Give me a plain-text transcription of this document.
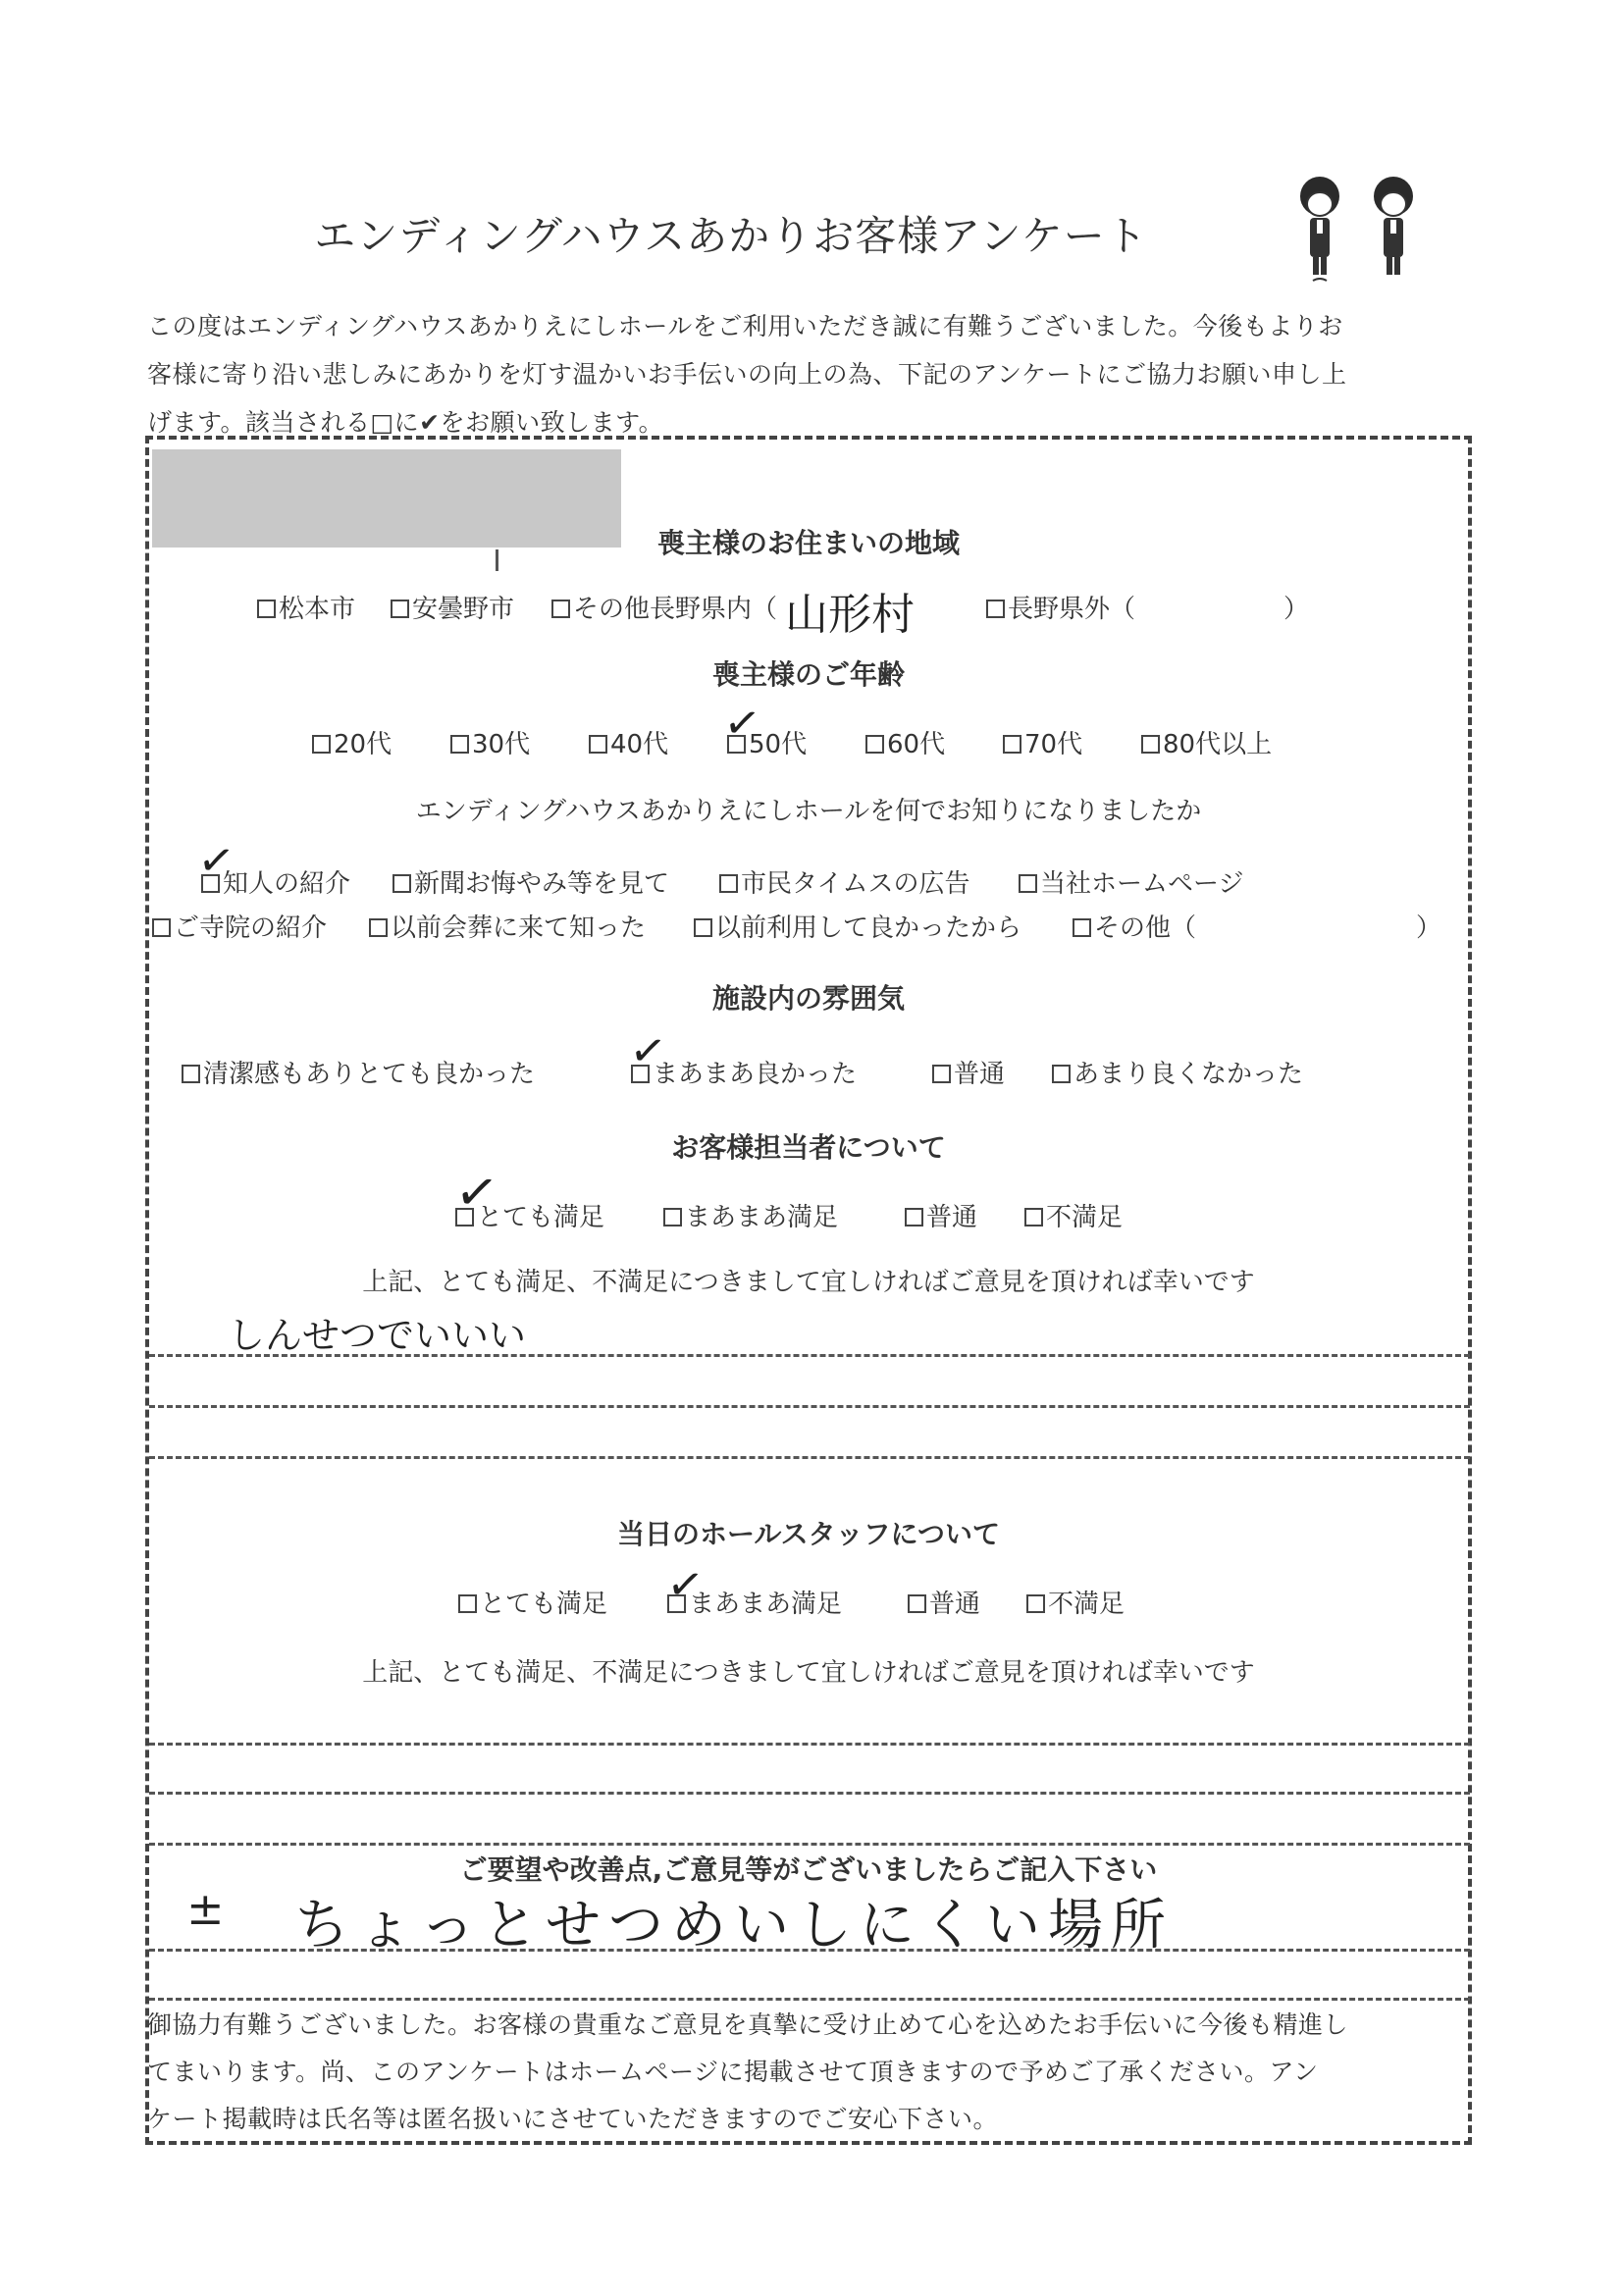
エンディングハウスあかりお客様アンケート
この度はエンディングハウスあかりえにしホールをご利用いただき誠に有難うございました。今後もよりお
客様に寄り沿い悲しみにあかりを灯す温かいお手伝いの向上の為、下記のアンケートにご協力お願い申し上
げます。該当される□に✔をお願い致します。
喪主様のお住まいの地域
松本市	安曇野市	その他長野県内（	長野県外（	）
山形村
喪主様のご年齢
20代	30代	40代	50代	60代	70代	80代以上
✓
エンディングハウスあかりえにしホールを何でお知りになりましたか
知人の紹介	新聞お悔やみ等を見て	市民タイムスの広告	当社ホームページ
✓
ご寺院の紹介	以前会葬に来て知った	以前利用して良かったから	その他（	）
施設内の雰囲気
清潔感もありとても良かった	まあまあ良かった	普通	あまり良くなかった
✓
お客様担当者について
とても満足	まあまあ満足	普通	不満足
✓
上記、とても満足、不満足につきまして宜しければご意見を頂ければ幸いです
しんせつでいいい
当日のホールスタッフについて
とても満足	まあまあ満足	普通	不満足
✓
上記、とても満足、不満足につきまして宜しければご意見を頂ければ幸いです
ご要望や改善点,ご意見等がございましたらご記入下さい
± ちょっとせつめいしにくい場所
御協力有難うございました。お客様の貴重なご意見を真摯に受け止めて心を込めたお手伝いに今後も精進し
てまいります。尚、このアンケートはホームページに掲載させて頂きますので予めご了承ください。アン
ケート掲載時は氏名等は匿名扱いにさせていただきますのでご安心下さい。
